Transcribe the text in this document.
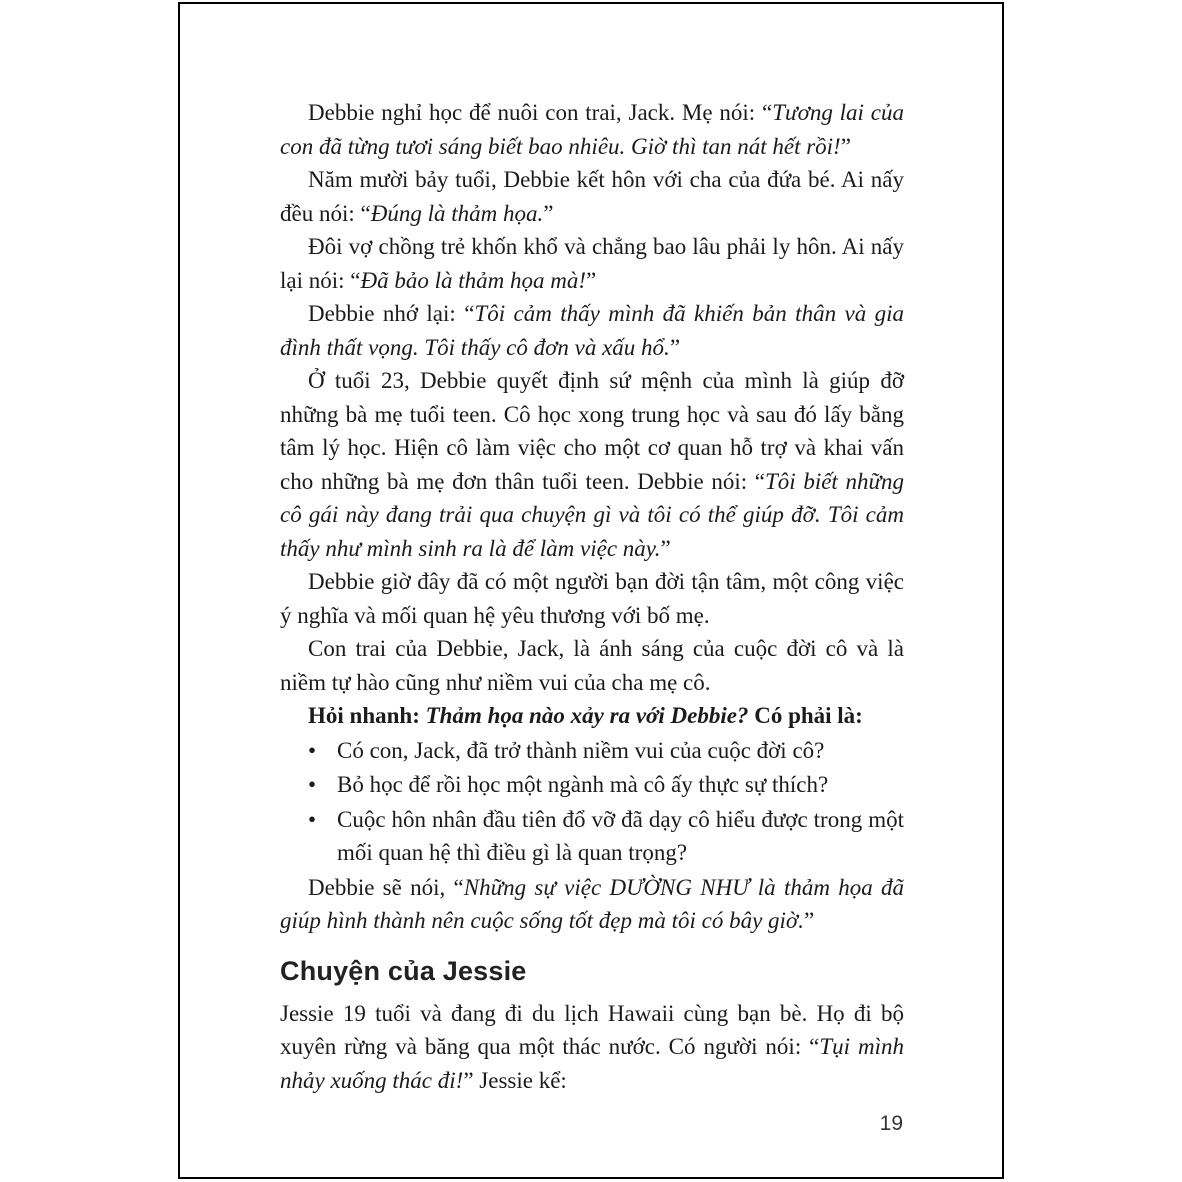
Debbie nghỉ học để nuôi con trai, Jack. Mẹ nói: “Tương lai của con đã từng tươi sáng biết bao nhiêu. Giờ thì tan nát hết rồi!”

Năm mười bảy tuổi, Debbie kết hôn với cha của đứa bé. Ai nấy đều nói: “Đúng là thảm họa.”

Đôi vợ chồng trẻ khốn khổ và chẳng bao lâu phải ly hôn. Ai nấy lại nói: “Đã bảo là thảm họa mà!”

Debbie nhớ lại: “Tôi cảm thấy mình đã khiến bản thân và gia đình thất vọng. Tôi thấy cô đơn và xấu hổ.”

Ở tuổi 23, Debbie quyết định sứ mệnh của mình là giúp đỡ những bà mẹ tuổi teen. Cô học xong trung học và sau đó lấy bằng tâm lý học. Hiện cô làm việc cho một cơ quan hỗ trợ và khai vấn cho những bà mẹ đơn thân tuổi teen. Debbie nói: “Tôi biết những cô gái này đang trải qua chuyện gì và tôi có thể giúp đỡ. Tôi cảm thấy như mình sinh ra là để làm việc này.”

Debbie giờ đây đã có một người bạn đời tận tâm, một công việc ý nghĩa và mối quan hệ yêu thương với bố mẹ.

Con trai của Debbie, Jack, là ánh sáng của cuộc đời cô và là niềm tự hào cũng như niềm vui của cha mẹ cô.

Hỏi nhanh: Thảm họa nào xảy ra với Debbie? Có phải là:

• Có con, Jack, đã trở thành niềm vui của cuộc đời cô?
• Bỏ học để rồi học một ngành mà cô ấy thực sự thích?
• Cuộc hôn nhân đầu tiên đổ vỡ đã dạy cô hiểu được trong một mối quan hệ thì điều gì là quan trọng?

Debbie sẽ nói, “Những sự việc DƯỜNG NHƯ là thảm họa đã giúp hình thành nên cuộc sống tốt đẹp mà tôi có bây giờ.”

Chuyện của Jessie

Jessie 19 tuổi và đang đi du lịch Hawaii cùng bạn bè. Họ đi bộ xuyên rừng và băng qua một thác nước. Có người nói: “Tụi mình nhảy xuống thác đi!” Jessie kể:

19
